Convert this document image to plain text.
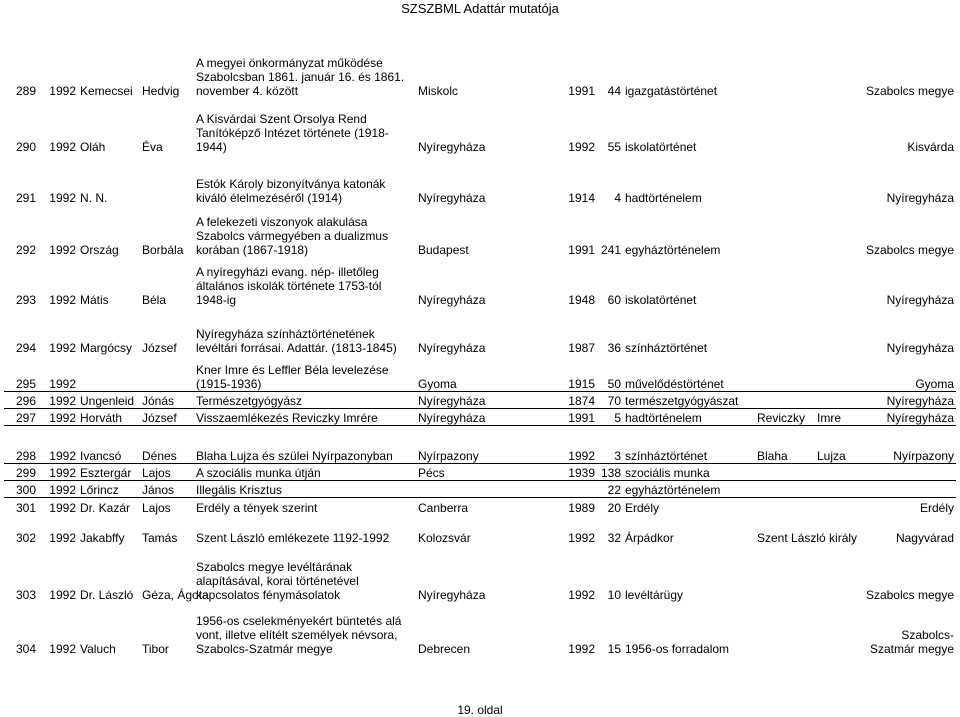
SZSZBML Adattár mutatója
289	1992	Kemecsei	Hedvig	A megyei önkormányzat működése Szabolcsban 1861. január 16. és 1861. november 4. között	Miskolc	1991	44	igazgatástörténet			Szabolcs megye

290	1992	Oláh	Éva	A Kisvárdai Szent Orsolya Rend Tanítóképző Intézet története (1918-1944)	Nyíregyháza	1992	55	iskolatörténet			Kisvárda

291	1992	N. N.		Estók Károly bizonyítványa katonák kiváló élelmezéséről (1914)	Nyíregyháza	1914	4	hadtörténelem			Nyíregyháza
292	1992	Ország	Borbála	A felekezeti viszonyok alakulása Szabolcs vármegyében a dualizmus korában (1867-1918)	Budapest	1991	241	egyháztörténelem			Szabolcs megye
293	1992	Mátis	Béla	A nyíregyházi evang. nép- illetőleg általános iskolák története 1753-tól 1948-ig	Nyíregyháza	1948	60	iskolatörténet			Nyíregyháza
294	1992	Margócsy	József	Nyíregyháza színháztörténetének levéltári forrásai. Adattár. (1813-1845)	Nyíregyháza	1987	36	színháztörténet			Nyíregyháza
295	1992			Kner Imre és Leffler Béla levelezése (1915-1936)	Gyoma	1915	50	művelődéstörténet			Gyoma
296	1992	Ungenleid	Jónás	Természetgyógyász	Nyíregyháza	1874	70	természetgyógyászat			Nyíregyháza
297	1992	Horváth	József	Visszaemlékezés Reviczky Imrére	Nyíregyháza	1991	5	hadtörténelem	Reviczky	Imre	Nyíregyháza
298	1992	Ivancsó	Dénes	Blaha Lujza és szülei Nyírpazonyban	Nyírpazony	1992	3	színháztörténet	Blaha	Lujza	Nyírpazony
299	1992	Esztergár	Lajos	A szociális munka útján	Pécs	1939	138	szociális munka			
300	1992	Lőrincz	János	Illegális Krisztus			22	egyháztörténelem			
301	1992	Dr. Kazár	Lajos	Erdély a tények szerint	Canberra	1989	20	Erdély			Erdély

302	1992	Jakabffy	Tamás	Szent László emlékezete 1192-1992	Kolozsvár	1992	32	Árpádkor	Szent László király		Nagyvárad

303	1992	Dr. László	Géza, Ágota	Szabolcs megye levéltárának alapításával, korai történetével kapcsolatos fénymásolatok	Nyíregyháza	1992	10	levéltárügy			Szabolcs megye
304	1992	Valuch	Tibor	1956-os cselekményekért büntetés alá vont, illetve elítélt személyek névsora, Szabolcs-Szatmár megye	Debrecen	1992	15	1956-os forradalom			Szabolcs-Szatmár megye
19. oldal
